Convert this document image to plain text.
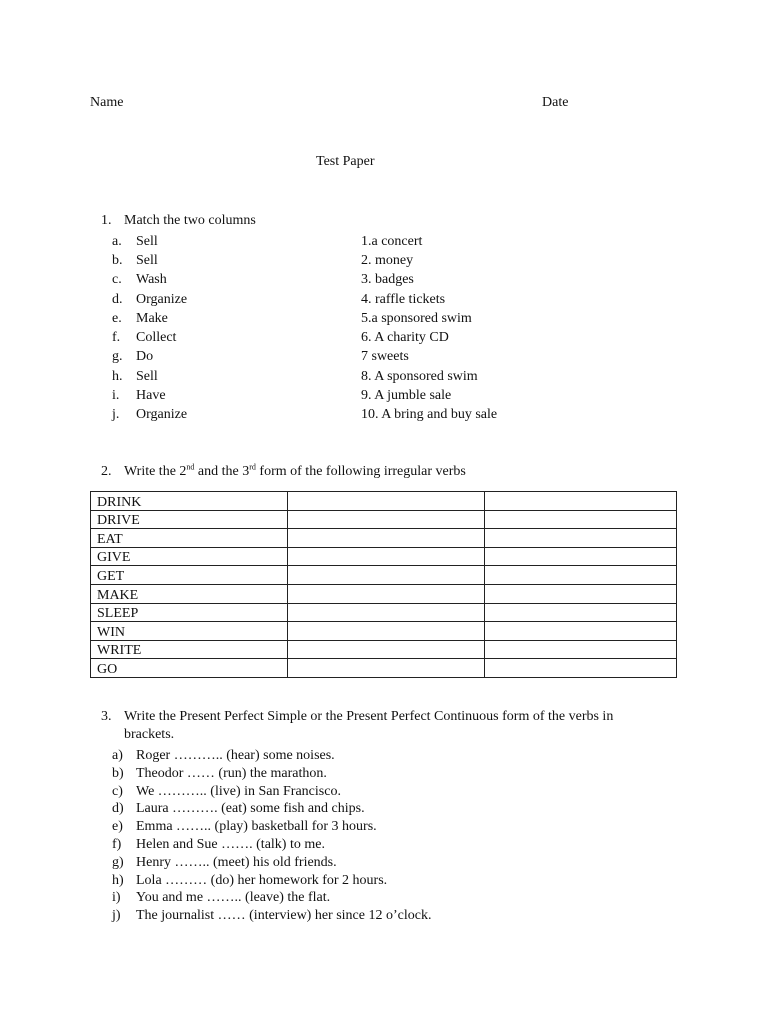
Name	Date
Test Paper
1. Match the two columns
a. Sell	1.a concert
b. Sell	2. money
c. Wash	3. badges
d. Organize	4. raffle tickets
e. Make	5.a sponsored swim
f. Collect	6. A charity CD
g. Do	7 sweets
h. Sell	8. A sponsored swim
i. Have	9. A jumble sale
j. Organize	10. A bring and buy sale
2. Write the 2nd and the 3rd form of the following irregular verbs
DRINK		
DRIVE		
EAT		
GIVE		
GET		
MAKE		
SLEEP		
WIN		
WRITE		
GO		
3. Write the Present Perfect Simple or the Present Perfect Continuous form of the verbs in
brackets.
a) Roger ……….. (hear) some noises.
b) Theodor …… (run) the marathon.
c) We ……….. (live) in San Francisco.
d) Laura ………. (eat) some fish and chips.
e) Emma …….. (play) basketball for 3 hours.
f) Helen and Sue ……. (talk) to me.
g) Henry …….. (meet) his old friends.
h) Lola ……… (do) her homework for 2 hours.
i) You and me …….. (leave) the flat.
j) The journalist …… (interview) her since 12 o’clock.
